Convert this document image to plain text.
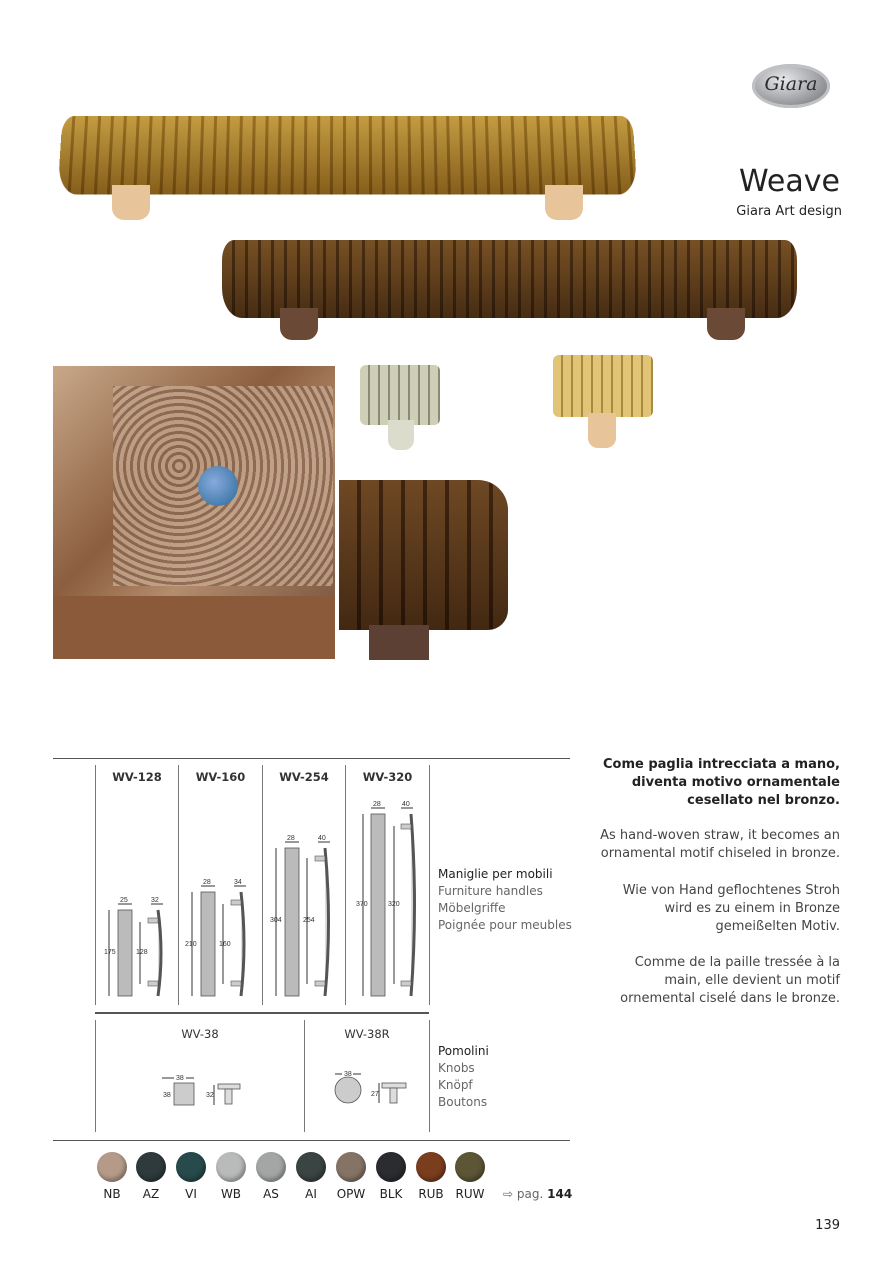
Giara
Weave
Giara Art design
WV-128
25
175
32
128
WV-160
28
210
34
160
WV-254
28
304
40
254
WV-320
28
370
40
320
Maniglie per mobili
Furniture handles
Möbelgriffe
Poignée pour meubles
WV-38
38
38	32
WV-38R
38
27
Pomolini
Knobs
Knöpf
Boutons
NB	AZ	VI	WB	AS	AI	OPW	BLK	RUB RUW	⇨ pag. 144
Come paglia intrecciata a mano, diventa motivo ornamentale cesellato nel bronzo.
As hand-woven straw, it becomes an ornamental motif chiseled in bronze.
Wie von Hand geflochtenes Stroh wird es zu einem in Bronze gemeißelten Motiv.
Comme de la paille tressée à la main, elle devient un motif ornemental ciselé dans le bronze.
139
